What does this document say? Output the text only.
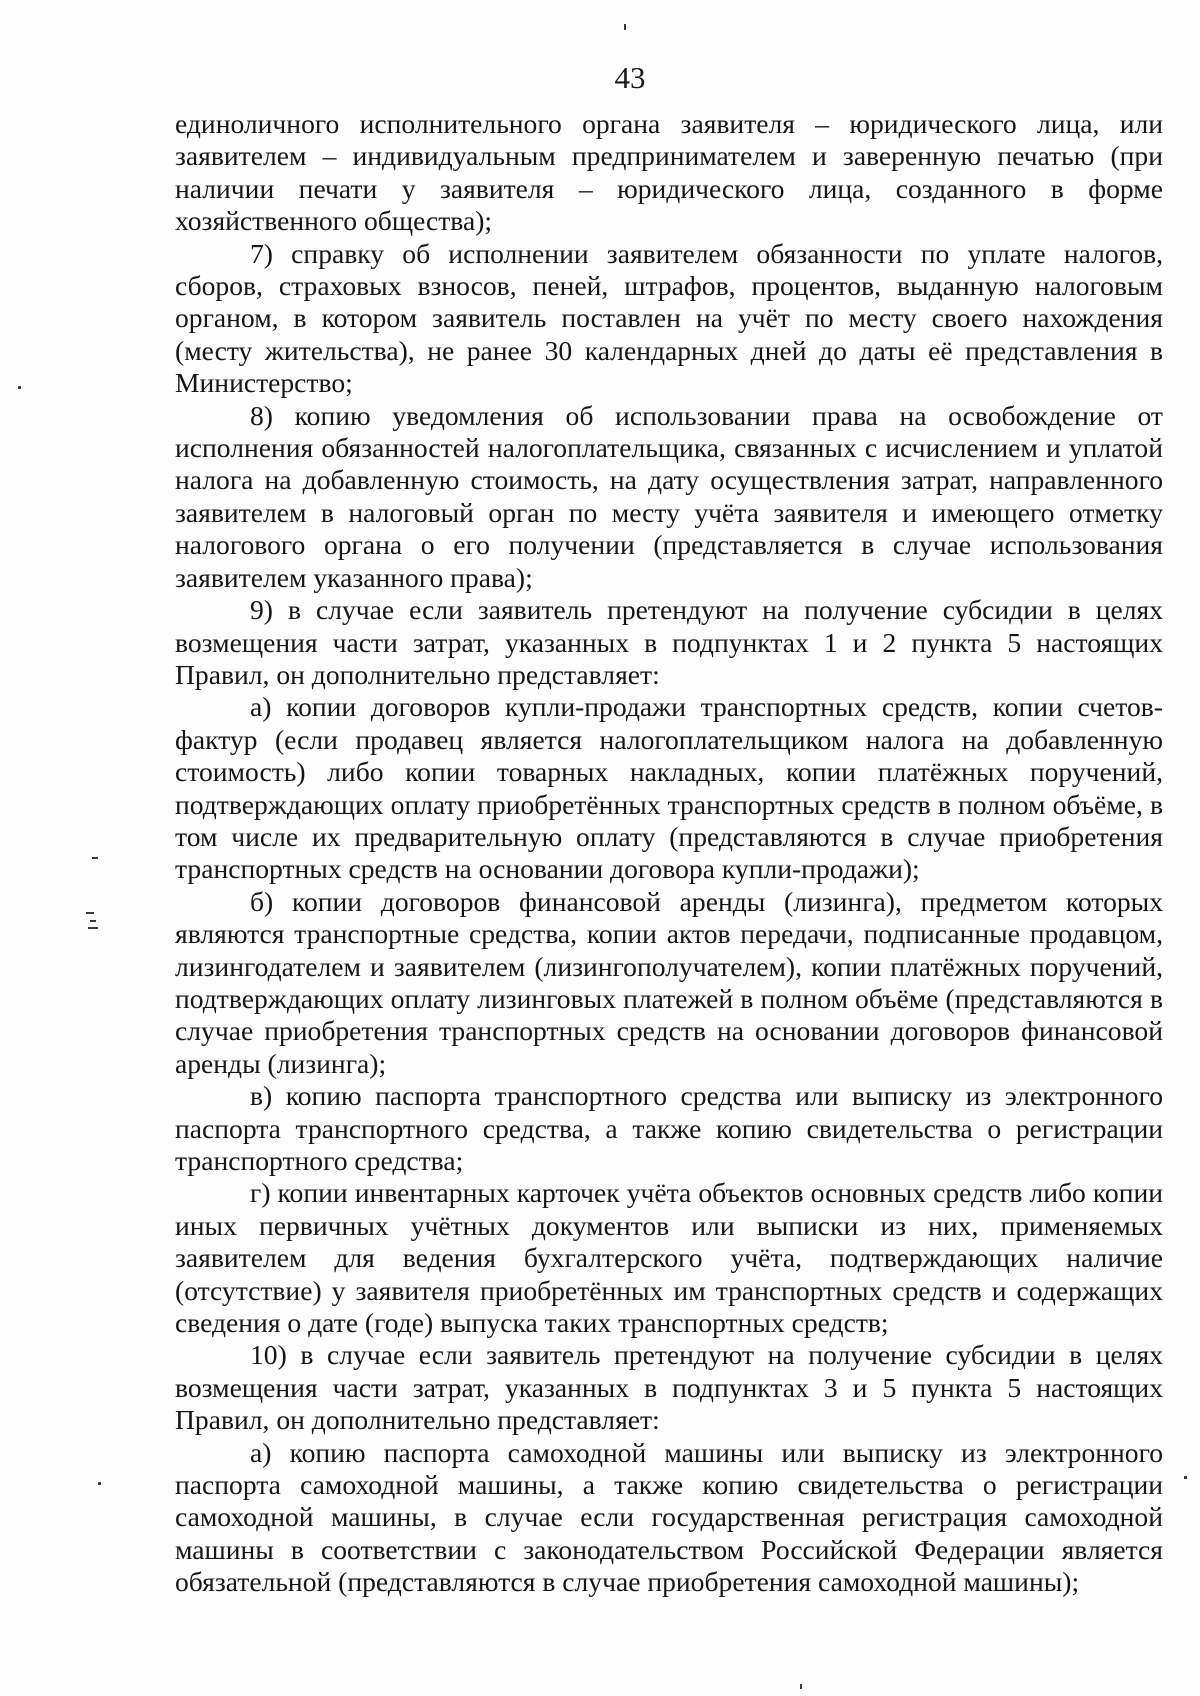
43

единоличного исполнительного органа заявителя – юридического лица, или заявителем – индивидуальным предпринимателем и заверенную печатью (при наличии печати у заявителя – юридического лица, созданного в форме хозяйственного общества);

7) справку об исполнении заявителем обязанности по уплате налогов, сборов, страховых взносов, пеней, штрафов, процентов, выданную налоговым органом, в котором заявитель поставлен на учёт по месту своего нахождения (месту жительства), не ранее 30 календарных дней до даты её представления в Министерство;

8) копию уведомления об использовании права на освобождение от исполнения обязанностей налогоплательщика, связанных с исчислением и уплатой налога на добавленную стоимость, на дату осуществления затрат, направленного заявителем в налоговый орган по месту учёта заявителя и имеющего отметку налогового органа о его получении (представляется в случае использования заявителем указанного права);

9) в случае если заявитель претендуют на получение субсидии в целях возмещения части затрат, указанных в подпунктах 1 и 2 пункта 5 настоящих Правил, он дополнительно представляет:

а) копии договоров купли-продажи транспортных средств, копии счетов-фактур (если продавец является налогоплательщиком налога на добавленную стоимость) либо копии товарных накладных, копии платёжных поручений, подтверждающих оплату приобретённых транспортных средств в полном объёме, в том числе их предварительную оплату (представляются в случае приобретения транспортных средств на основании договора купли-продажи);

б) копии договоров финансовой аренды (лизинга), предметом которых являются транспортные средства, копии актов передачи, подписанные продавцом, лизингодателем и заявителем (лизингополучателем), копии платёжных поручений, подтверждающих оплату лизинговых платежей в полном объёме (представляются в случае приобретения транспортных средств на основании договоров финансовой аренды (лизинга);

в) копию паспорта транспортного средства или выписку из электронного паспорта транспортного средства, а также копию свидетельства о регистрации транспортного средства;

г) копии инвентарных карточек учёта объектов основных средств либо копии иных первичных учётных документов или выписки из них, применяемых заявителем для ведения бухгалтерского учёта, подтверждающих наличие (отсутствие) у заявителя приобретённых им транспортных средств и содержащих сведения о дате (годе) выпуска таких транспортных средств;

10) в случае если заявитель претендуют на получение субсидии в целях возмещения части затрат, указанных в подпунктах 3 и 5 пункта 5 настоящих Правил, он дополнительно представляет:

а) копию паспорта самоходной машины или выписку из электронного паспорта самоходной машины, а также копию свидетельства о регистрации самоходной машины, в случае если государственная регистрация самоходной машины в соответствии с законодательством Российской Федерации является обязательной (представляются в случае приобретения самоходной машины);
